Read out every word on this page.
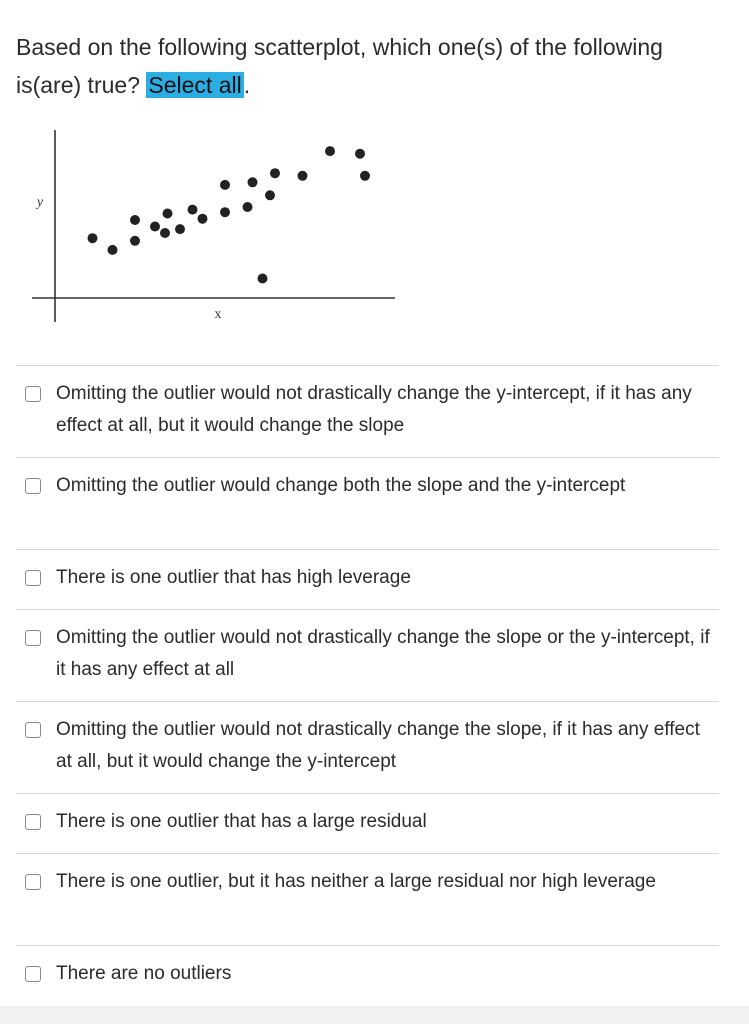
Based on the following scatterplot, which one(s) of the following is(are) true? Select all.
y
x
Omitting the outlier would not drastically change the y-intercept, if it has any effect at all, but it would change the slope
Omitting the outlier would change both the slope and the y-intercept
There is one outlier that has high leverage
Omitting the outlier would not drastically change the slope or the y-intercept, if it has any effect at all
Omitting the outlier would not drastically change the slope, if it has any effect at all, but it would change the y-intercept
There is one outlier that has a large residual
There is one outlier, but it has neither a large residual nor high leverage
There are no outliers
